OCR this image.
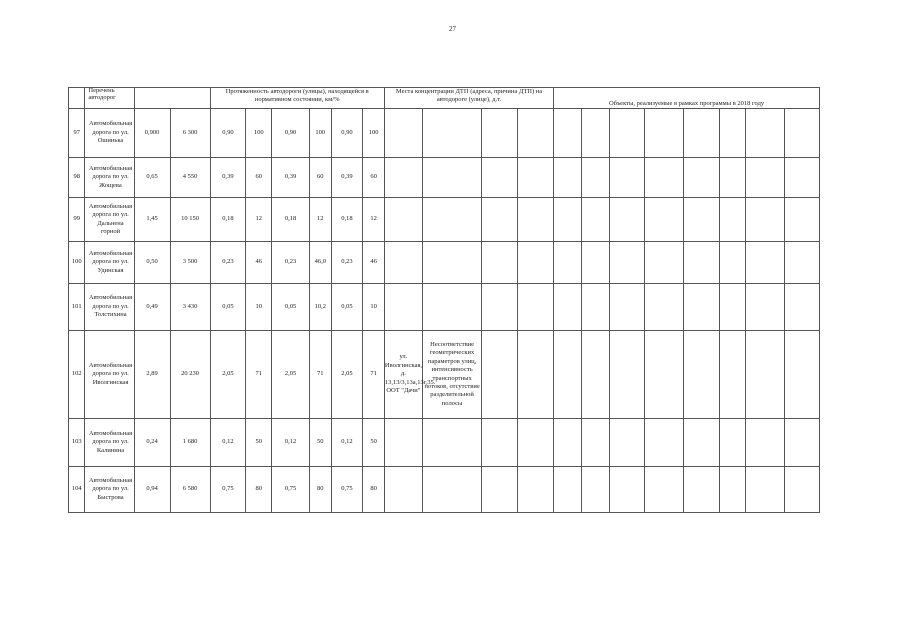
27

	Перечень автодорог			Протяженность автодороги (улицы), находящейся в нормативном состоянии, км/%						Места концентрации ДТП (адреса, причина ДТП) на автодороге (улице), д.т.				Объекты, реализуемые в рамках программы в 2018 году							
97	Автомобильная дорога по ул. Ошинька	0,900	6 300	0,90	100	0,90	100	0,90	100												
98	Автомобильная дорога по ул. Жощева	0,65	4 550	0,39	60	0,39	60	0,39	60												
99	Автомобильная дорога по ул. Дальнена горной	1,45	10 150	0,18	12	0,18	12	0,18	12												
100	Автомобильная дорога по ул. Удинская	0,50	3 500	0,23	46	0,23	46,0	0,23	46												
101	Автомобильная дорога по ул. Толстихина	0,49	3 430	0,05	10	0,05	10,2	0,05	10												
102	Автомобильная дорога по ул. Иволгинская	2,89	20 230	2,05	71	2,05	71	2,05	71	ул. Иволгинская, д. 13,13/3,13а,13г,35. ООТ "Дачи"	Несоответствие геометрических параметров улиц, интенсивность транспортных потоков, отсутствие разделительной полосы										
103	Автомобильная дорога по ул. Калинина	0,24	1 680	0,12	50	0,12	50	0,12	50												
104	Автомобильная дорога по ул. Быстрова	0,94	6 580	0,75	80	0,75	80	0,75	80												
